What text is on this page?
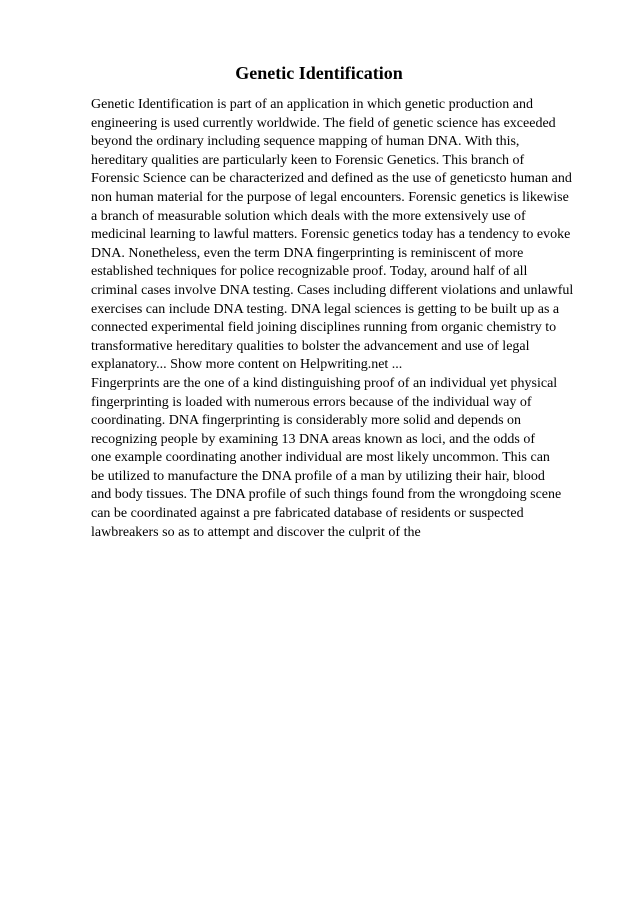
Genetic Identification
Genetic Identification is part of an application in which genetic production and
engineering is used currently worldwide. The field of genetic science has exceeded
beyond the ordinary including sequence mapping of human DNA. With this,
hereditary qualities are particularly keen to Forensic Genetics. This branch of
Forensic Science can be characterized and defined as the use of geneticsto human and
non human material for the purpose of legal encounters. Forensic genetics is likewise
a branch of measurable solution which deals with the more extensively use of
medicinal learning to lawful matters. Forensic genetics today has a tendency to evoke
DNA. Nonetheless, even the term DNA fingerprinting is reminiscent of more
established techniques for police recognizable proof. Today, around half of all
criminal cases involve DNA testing. Cases including different violations and unlawful
exercises can include DNA testing. DNA legal sciences is getting to be built up as a
connected experimental field joining disciplines running from organic chemistry to
transformative hereditary qualities to bolster the advancement and use of legal
explanatory... Show more content on Helpwriting.net ...
Fingerprints are the one of a kind distinguishing proof of an individual yet physical
fingerprinting is loaded with numerous errors because of the individual way of
coordinating. DNA fingerprinting is considerably more solid and depends on
recognizing people by examining 13 DNA areas known as loci, and the odds of
one example coordinating another individual are most likely uncommon. This can
be utilized to manufacture the DNA profile of a man by utilizing their hair, blood
and body tissues. The DNA profile of such things found from the wrongdoing scene
can be coordinated against a pre fabricated database of residents or suspected
lawbreakers so as to attempt and discover the culprit of the
